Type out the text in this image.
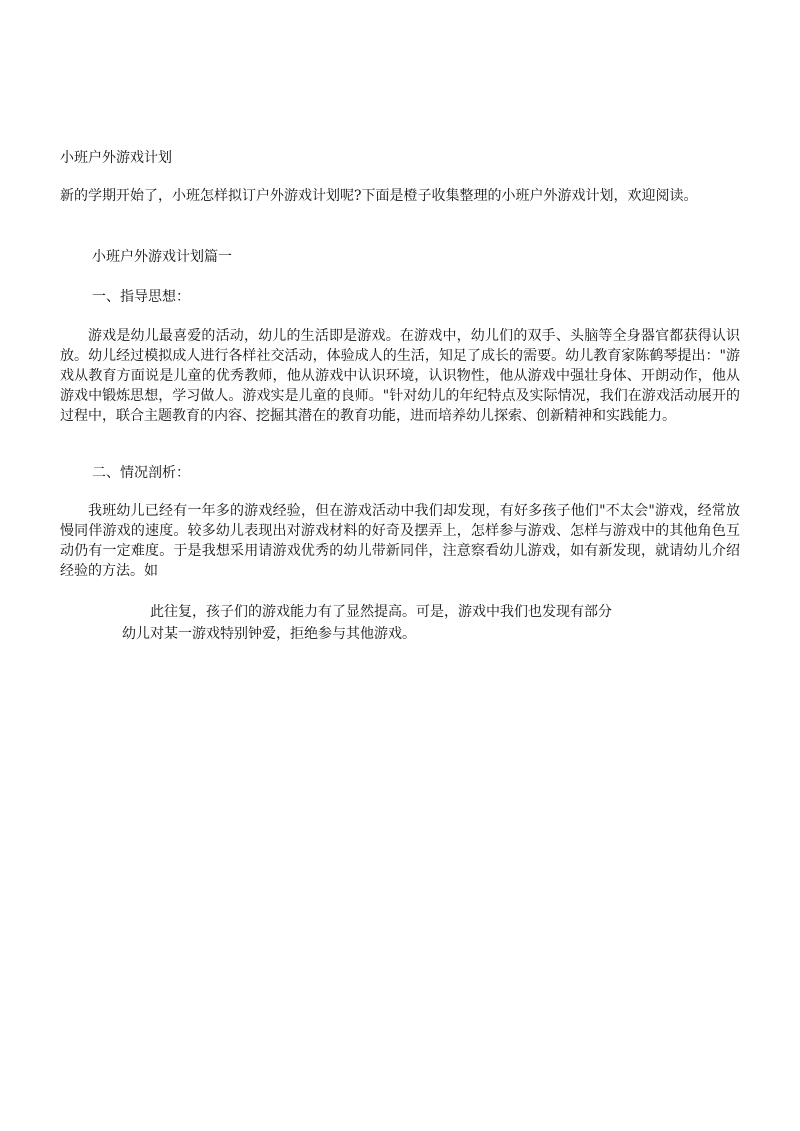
小班户外游戏计划

新的学期开始了，小班怎样拟订户外游戏计划呢?下面是橙子收集整理的小班户外游戏计划，欢迎阅读。

小班户外游戏计划篇一

一、指导思想：

游戏是幼儿最喜爱的活动，幼儿的生活即是游戏。在游戏中，幼儿们的双手、头脑等全身器官都获得认识放。幼儿经过模拟成人进行各样社交活动，体验成人的生活，知足了成长的需要。幼儿教育家陈鹤琴提出："游戏从教育方面说是儿童的优秀教师，他从游戏中认识环境，认识物性，他从游戏中强壮身体、开朗动作，他从游戏中锻炼思想，学习做人。游戏实是儿童的良师。"针对幼儿的年纪特点及实际情况，我们在游戏活动展开的过程中，联合主题教育的内容、挖掘其潜在的教育功能，进而培养幼儿探索、创新精神和实践能力。

二、情况剖析：

我班幼儿已经有一年多的游戏经验，但在游戏活动中我们却发现，有好多孩子他们"不太会"游戏，经常放慢同伴游戏的速度。较多幼儿表现出对游戏材料的好奇及摆弄上，怎样参与游戏、怎样与游戏中的其他角色互动仍有一定难度。于是我想采用请游戏优秀的幼儿带新同伴，注意察看幼儿游戏，如有新发现，就请幼儿介绍经验的方法。如

此往复，孩子们的游戏能力有了显然提高。可是，游戏中我们也发现有部分

幼儿对某一游戏特别钟爱，拒绝参与其他游戏。
